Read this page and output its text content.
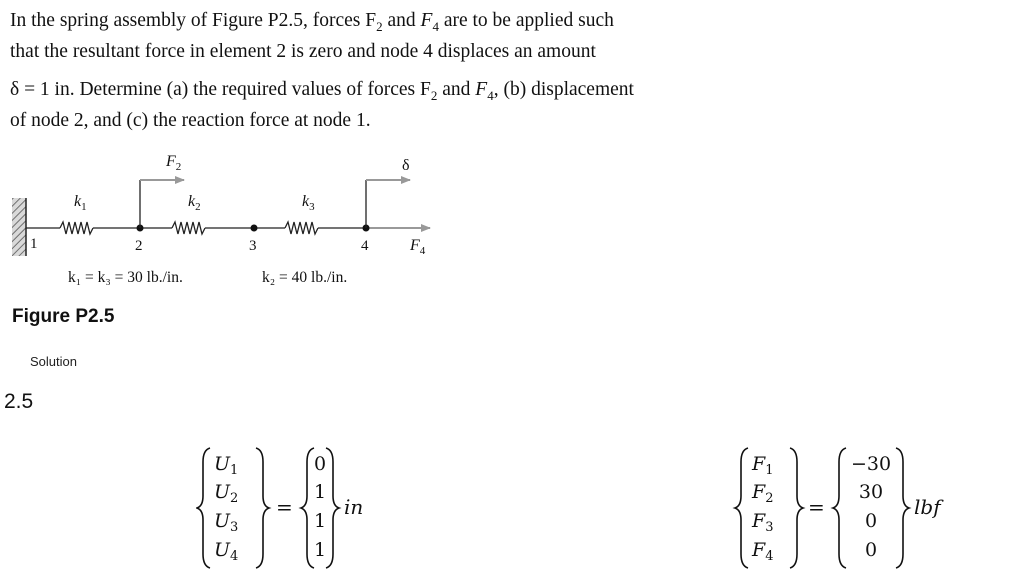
In the spring assembly of Figure P2.5, forces $F_2$ and $F_4$ are to be applied such
that the resultant force in element 2 is zero and node 4 displaces an amount

δ = 1 in. Determine (a) the required values of forces $F_2$ and $F_4$, (b) displacement
of node 2, and (c) the reaction force at node 1.

$F_2$	δ
$k_1$	$k_2$	$k_3$
1	2	3	4	$F_4$
k₁ = k₃ = 30 lb./in.	k₂ = 40 lb./in.
Figure P2.5
Solution
2.5
$U_1$
$U_2$
$U_3$
$U_4$
=
0
1
1
1
in
$F_1$
$F_2$
$F_3$
$F_4$
=
−30
30
0
0
lbf
